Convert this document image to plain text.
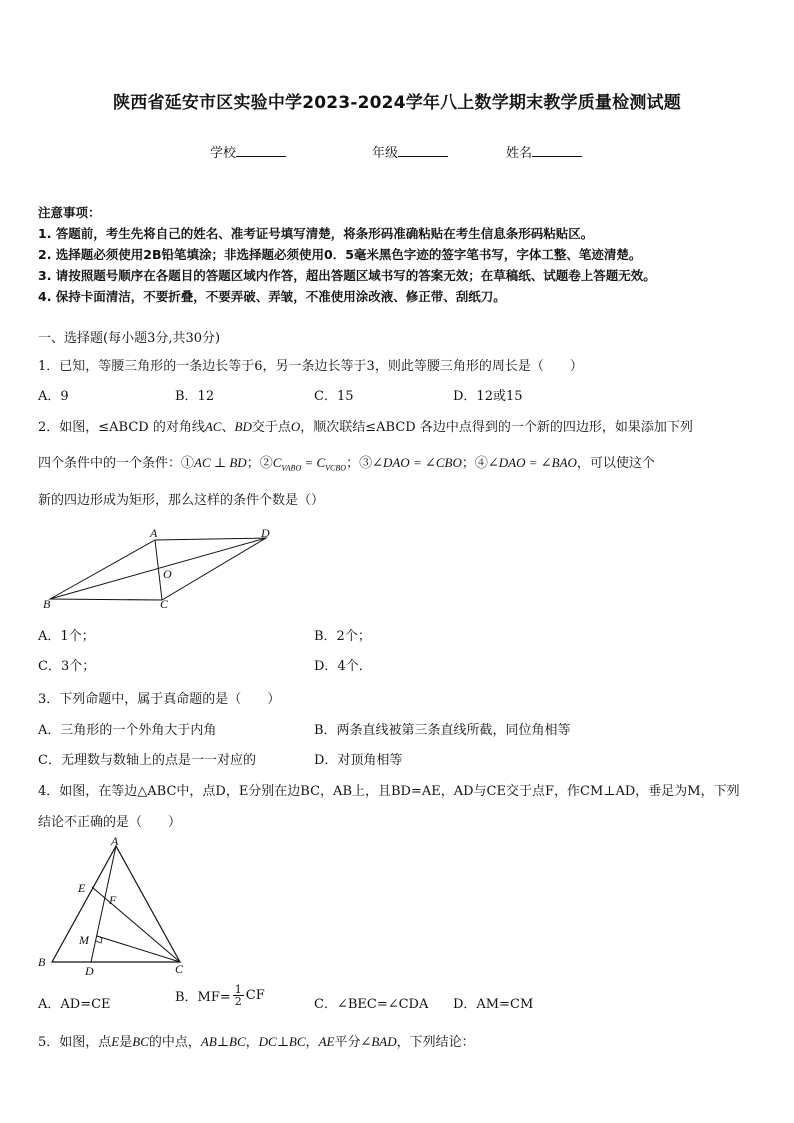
陕西省延安市区实验中学2023-2024学年八上数学期末教学质量检测试题
学校	年级	姓名
注意事项：
1. 答题前，考生先将自己的姓名、准考证号填写清楚，将条形码准确粘贴在考生信息条形码粘贴区。
2. 选择题必须使用2B铅笔填涂；非选择题必须使用0．5毫米黑色字迹的签字笔书写，字体工整、笔迹清楚。
3. 请按照题号顺序在各题目的答题区域内作答，超出答题区域书写的答案无效；在草稿纸、试题卷上答题无效。
4. 保持卡面清洁，不要折叠，不要弄破、弄皱，不准使用涂改液、修正带、刮纸刀。
一、选择题(每小题3分,共30分)
1．已知，等腰三角形的一条边长等于6，另一条边长等于3，则此等腰三角形的周长是（　　）
A．9	B．12	C．15	D．12或15
2．如图，≤ABCD 的对角线AC、BD交于点O，顺次联结≤ABCD 各边中点得到的一个新的四边形，如果添加下列
四个条件中的一个条件：①AC ⊥ BD；$②C_{VABO} = C_{VCBO}$；③∠DAO = ∠CBO；④∠DAO = ∠BAO，可以使这个
新的四边形成为矩形，那么这样的条件个数是（）
A
B	C
D
O
A．1个；	B．2个；
C．3个；	D．4个．
3．下列命题中，属于真命题的是（　　）
A．三角形的一个外角大于内角	B．两条直线被第三条直线所截，同位角相等
C．无理数与数轴上的点是一一对应的	D．对顶角相等
4．如图，在等边△ABC中，点D，E分别在边BC，AB上，且BD=AE，AD与CE交于点F，作CM⊥AD，垂足为M，下列
结论不正确的是（　　）
A
B	C
D
E
F
M
A．AD=CE	B．$MF= \frac{1}{2}$ CF
C．∠BEC=∠CDA D．AM=CM
5．如图，点E是BC的中点，AB⊥BC，DC⊥BC，AE平分∠BAD，下列结论：
